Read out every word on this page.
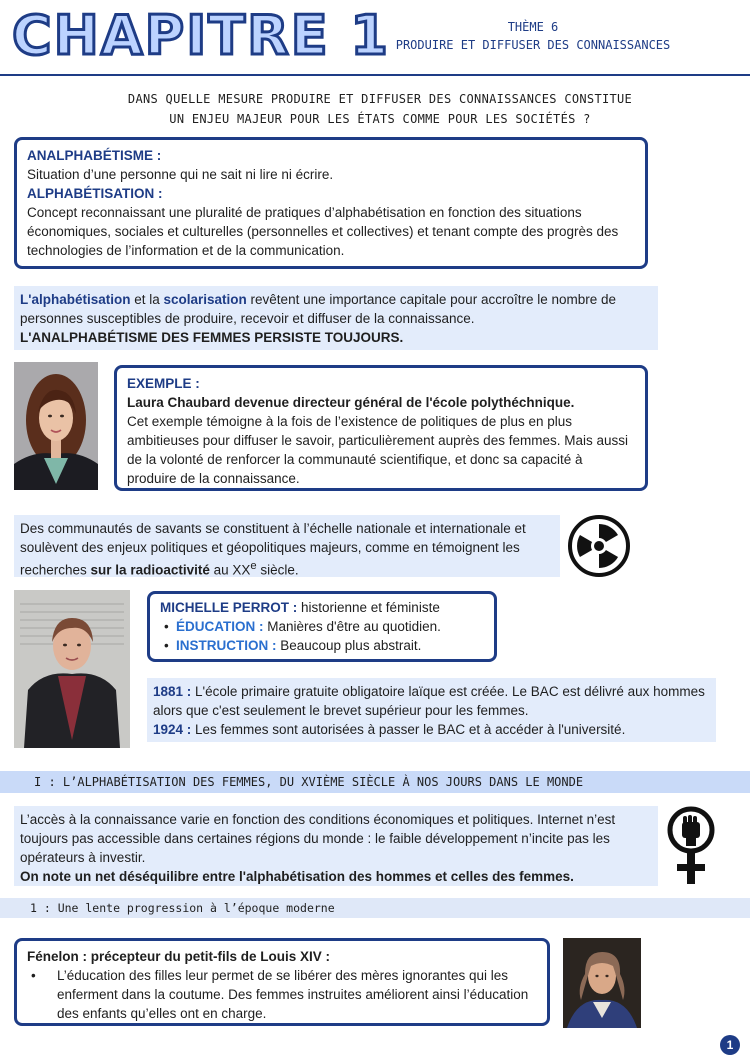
CHAPITRE 1	THÈME 6
PRODUIRE ET DIFFUSER DES CONNAISSANCES
DANS QUELLE MESURE PRODUIRE ET DIFFUSER DES CONNAISSANCES CONSTITUE
UN ENJEU MAJEUR POUR LES ÉTATS COMME POUR LES SOCIÉTÉS ?
ANALPHABÉTISME :
Situation d’une personne qui ne sait ni lire ni écrire.
ALPHABÉTISATION :
Concept reconnaissant une pluralité de pratiques d’alphabétisation en fonction des situations économiques, sociales et culturelles (personnelles et collectives) et tenant compte des progrès des technologies de l’information et de la communication.
L'alphabétisation et la scolarisation revêtent une importance capitale pour accroître le nombre de personnes susceptibles de produire, recevoir et diffuser de la connaissance.
L'ANALPHABÉTISME DES FEMMES PERSISTE TOUJOURS.
EXEMPLE :
Laura Chaubard devenue directeur général de l'école polythéchnique.
Cet exemple témoigne à la fois de l’existence de politiques de plus en plus ambitieuses pour diffuser le savoir, particulièrement auprès des femmes. Mais aussi de la volonté de renforcer la communauté scientifique, et donc sa capacité à produire de la connaissance.
Des communautés de savants se constituent à l’échelle nationale et internationale et soulèvent des enjeux politiques et géopolitiques majeurs, comme en témoignent les recherches sur la radioactivité au XXe siècle.
MICHELLE PERROT : historienne et féministe
• ÉDUCATION : Manières d'être au quotidien.
• INSTRUCTION : Beaucoup plus abstrait.
1881 : L'école primaire gratuite obligatoire laïque est créée. Le BAC est délivré aux hommes alors que c'est seulement le brevet supérieur pour les femmes.
1924 : Les femmes sont autorisées à passer le BAC et à accéder à l'université.
I : L’ALPHABÉTISATION DES FEMMES, DU XVIÈME SIÈCLE À NOS JOURS DANS LE MONDE
L’accès à la connaissance varie en fonction des conditions économiques et politiques. Internet n’est toujours pas accessible dans certaines régions du monde : le faible développement n’incite pas les opérateurs à investir.
On note un net déséquilibre entre l'alphabétisation des hommes et celles des femmes.
1 : Une lente progression à l’époque moderne
Fénelon : précepteur du petit-fils de Louis XIV :
• L’éducation des filles leur permet de se libérer des mères ignorantes qui les enferment dans la coutume. Des femmes instruites améliorent ainsi l’éducation des enfants qu’elles ont en charge.
1
